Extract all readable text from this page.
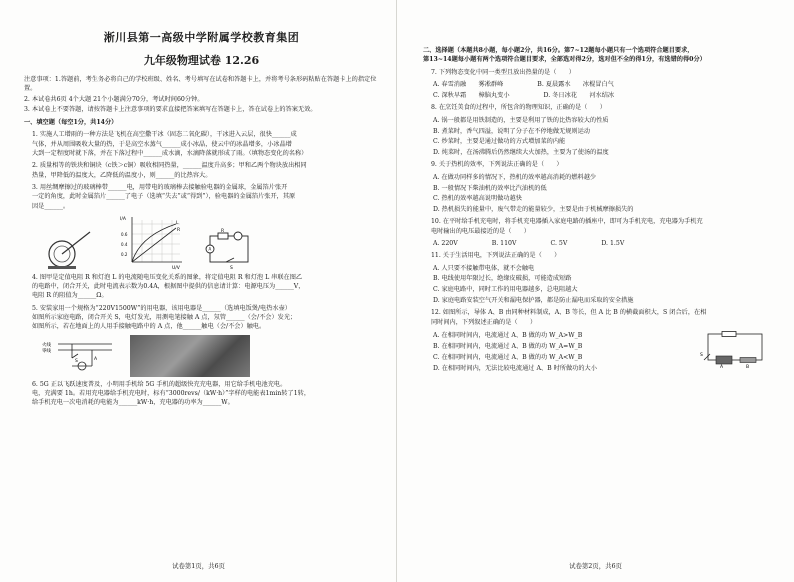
淅川县第一高级中学附属学校教育集团
九年级物理试卷 12.26
注意事项：1.答题前，考生务必将自己的学校班级、姓名、考号填写在试卷和答题卡上，并将考号条形码粘贴在答题卡上的指定位置。
2. 本试卷共6页 4个大题 21个小题满分70分，考试时间60分钟。
3. 本试卷上不要答题，请按答题卡上注意事项的要求直接把答案填写在答题卡上，答在试卷上的答案无效。
一、填空题（每空1分，共14分）
1. 实施人工增雨的一种方法是飞机在高空撒干冰（固态二氧化碳），干冰进入云层，很快______成
气体，并从周围吸收大量的热，于是高空水蒸气______成小冰晶，使云中的冰晶增多，小冰晶增
大到一定程度时就下落，并在下落过程中______成水滴，水滴降落就形成了雨。（填物态变化的名称）
2. 质量相等的铁块和铜块（c铁＞c铜）吸收相同热量，______温度升高多；甲和乙两个物块放出相同
热量，甲降低的温度大，乙降低的温度小，则______的比热容大。
3. 用丝绸摩擦过的玻璃棒带______电，用带电的玻璃棒去接触验电器的金属球，金属箔片张开
一定的角度，此时金属箔片______了电子（选填“失去”或“得到”），验电器的金属箔片张开，其原
因是______。
I/A
U/V
0.6
0.4
0.2
L
R	R
A
S
4. 图甲是定值电阻 R 和灯泡 L 的电流随电压变化关系的图象，将定值电阻 R 和灯泡 L 串联在图乙
的电路中，闭合开关，此时电流表示数为0.4A，根据图中提供的信息请计算：电源电压为______V，
电阻 R 的阻值为______Ω。
5. 安装家用一个规格为“220V1500W”的用电器，该用电器是______（选填电饭煲/电热水壶）
如图所示家庭电路，闭合开关 S，电灯发光，用测电笔接触 A 点，氖管______（会/不会）发光；
如图所示，若在地面上的人用手接触电路中的 A 点，他______触电（会/不会）触电。
火线
零线
S	A
6. 5G 正以飞跃速度普及，小明用手机给 5G 手机的超级快充充电器，用它给手机电池充电。
电，充满要 1h。若用充电器给手机充电时，标有“3000revs/（kW·h）”字样的电能表1min转了1转，
给手机充电一次电消耗的电能为______kW·h，充电器的功率为______W。
试卷第1页，共6页
二、选择题（本题共8小题，每小题2分，共16分。第7~12题每小题只有一个选项符合题目要求，
第13~14题每小题有两个选项符合题目要求，全部选对得2分，选对但不全的得1分，有选错的得0分）
7. 下列物态变化中同一类型且放出热量的是（　　）
A. 春雪消融　　雾凇群峰	B. 夏晨露水　　冰棍冒白气
C. 深秋早霜　　樟脑丸变小	D. 冬日冰花　　河水结冰
8. 在烹饪美食的过程中，所包含的物理知识，正确的是（　　）
A. 锅一般都是用铁制造的，主要是利用了铁的比热容较大的性质
B. 煮菜时，香气四溢，说明了分子在不停地做无规则运动
C. 炒菜时，主要是通过做功的方式增加菜的内能
D. 炖菜时，在汤沸腾后仍然继续大火加热，主要为了使汤的温度
9. 关于热机的效率，下列说法正确的是（　　）
A. 在做功同样多的情况下，热机的效率越高消耗的燃料越少
B. 一般情况下柴油机的效率比汽油机的低
C. 热机的效率越高说明做功越快
D. 热机损失的能量中，废气带走的能量较少，主要是由于机械摩擦损失的
10. 在平时给手机充电时，将手机充电器插入家庭电路的插座中，即可为手机充电，充电器为手机充
电时输出的电压最接近的是（　　）
A. 220V	B. 110V	C. 5V	D. 1.5V
11. 关于生活用电，下列说法正确的是（　　）
A. 人只要不接触带电体，就不会触电
B. 电线使用年限过长，绝缘皮破损，可能造成短路
C. 家庭电路中，同时工作的用电器越多，总电阻越大
D. 家庭电路安装空气开关和漏电保护器，都是防止漏电而采取的安全措施
12. 如图所示，导体 A、B 由同种材料制成，A、B 等长，但 A 比 B 的横截面积大，S 闭合后，在相
同时间内，下列叙述正确的是（　　）
A. 在相同时间内，电流通过 A、B 做的功 W_A>W_B
B. 在相同时间内，电流通过 A、B 做的功 W_A=W_B
C. 在相同时间内，电流通过 A、B 做的功 W_A<W_B
D. 在相同时间内，无法比较电流通过 A、B 时所做功的大小	A	B
S
试卷第2页，共6页
